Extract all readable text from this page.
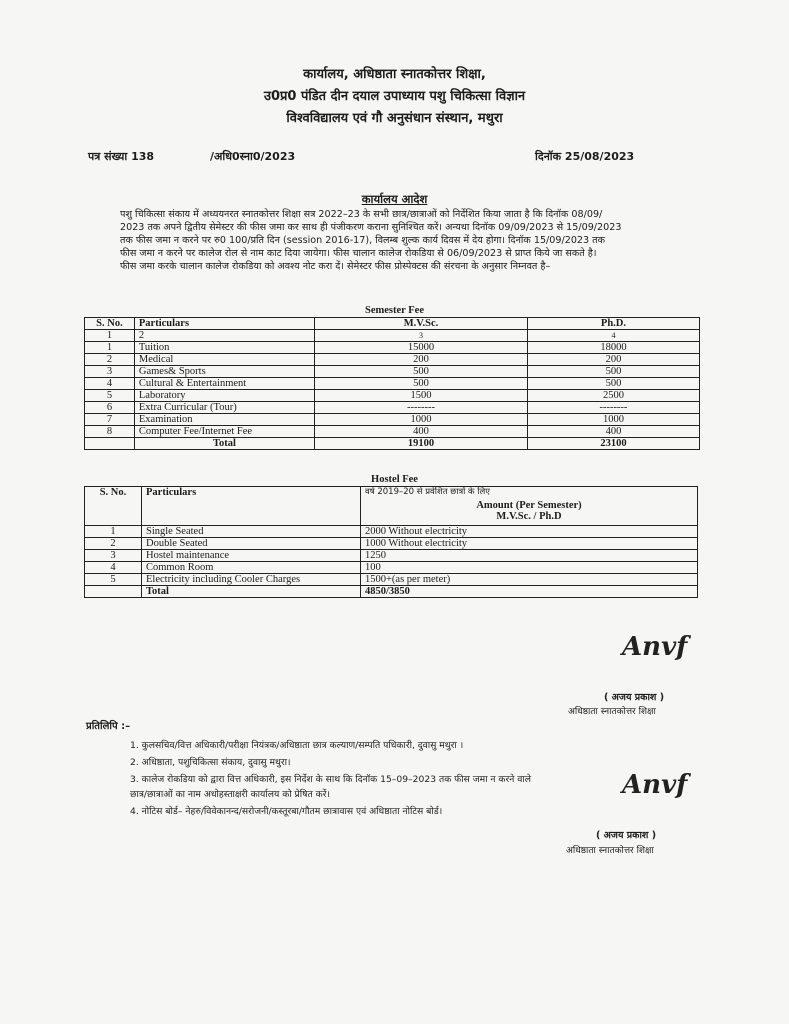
कार्यालय, अधिष्ठाता स्नातकोत्तर शिक्षा,
उ0प्र0 पंडित दीन दयाल उपाध्याय पशु चिकित्सा विज्ञान
विश्वविद्यालय एवं गौ अनुसंधान संस्थान, मथुरा
पत्र संख्या 138	/अधि0स्ना0/2023	दिनॉक 25/08/2023
कार्यालय आदेश
पशु चिकित्सा संकाय में अध्ययनरत स्नातकोत्तर शिक्षा सत्र 2022–23 के सभी छात्र/छात्राओं को निर्देशित किया जाता है कि दिनॉक 08/09/
2023 तक अपने द्वितीय सेमेस्टर की फीस जमा कर साथ ही पंजीकरण कराना सुनिश्चित करें। अन्यथा दिनॉक 09/09/2023 से 15/09/2023
तक फीस जमा न करने पर रु0 100/प्रति दिन (session 2016-17), विलम्ब शुल्क कार्य दिवस में देय होगा। दिनॉक 15/09/2023 तक
फीस जमा न करने पर कालेज रोल से नाम काट दिया जायेगा। फीस चालान कालेज रोकडिया से 06/09/2023 से प्राप्त किये जा सकते है।
फीस जमा करके चालान कालेज रोकडिया को अवश्य नोट करा दें। सेमेस्टर फीस प्रोस्पेक्टस की संरचना के अनुसार निम्नवत है–
Semester Fee
S. No.	Particulars	M.V.Sc.	Ph.D.
1	2	3	4
1	Tuition	15000	18000
2	Medical	200	200
3	Games& Sports	500	500
4	Cultural & Entertainment	500	500
5	Laboratory	1500	2500
6	Extra Curricular (Tour)	--------	--------
7	Examination	1000	1000
8	Computer Fee/Internet Fee	400	400
	Total	19100	23100
Hostel Fee
S. No.	Particulars	वर्ष 2019–20 से प्रवेशित छात्रों के लिए
Amount (Per Semester)
M.V.Sc. / Ph.D

1	Single Seated	2000 Without electricity
2	Double Seated	1000 Without electricity
3	Hostel maintenance	1250
4	Common Room	100
5	Electricity including Cooler Charges	1500+(as per meter)
	Total	4850/3850
Anvf
( अजय प्रकाश )
अधिष्ठाता स्नातकोत्तर शिक्षा
प्रतिलिपि :–
1. कुलसचिव/वित्त अधिकारी/परीक्षा नियंत्रक/अधिष्ठाता छात्र कल्याण/सम्पति पधिकारी, दुवासु मथुरा ।
2. अधिष्ठाता, पशुचिकित्सा संकाय, दुवासु मथुरा।
3. कालेज रोकडिया को द्वारा वित्त अधिकारी, इस निर्देश के साथ कि दिनॉक 15–09–2023 तक फीस जमा न करने वाले
छात्र/छात्राओं का नाम अधोहस्ताक्षरी कार्यालय को प्रेषित करें।
4. नोटिस बोर्ड– नेहरु/विवेकानन्द/सरोजनी/कस्तूरबा/गौतम छात्रावास एवं अधिष्ठाता नोटिस बोर्ड।
Anvf
( अजय प्रकाश )
अधिष्ठाता स्नातकोत्तर शिक्षा
